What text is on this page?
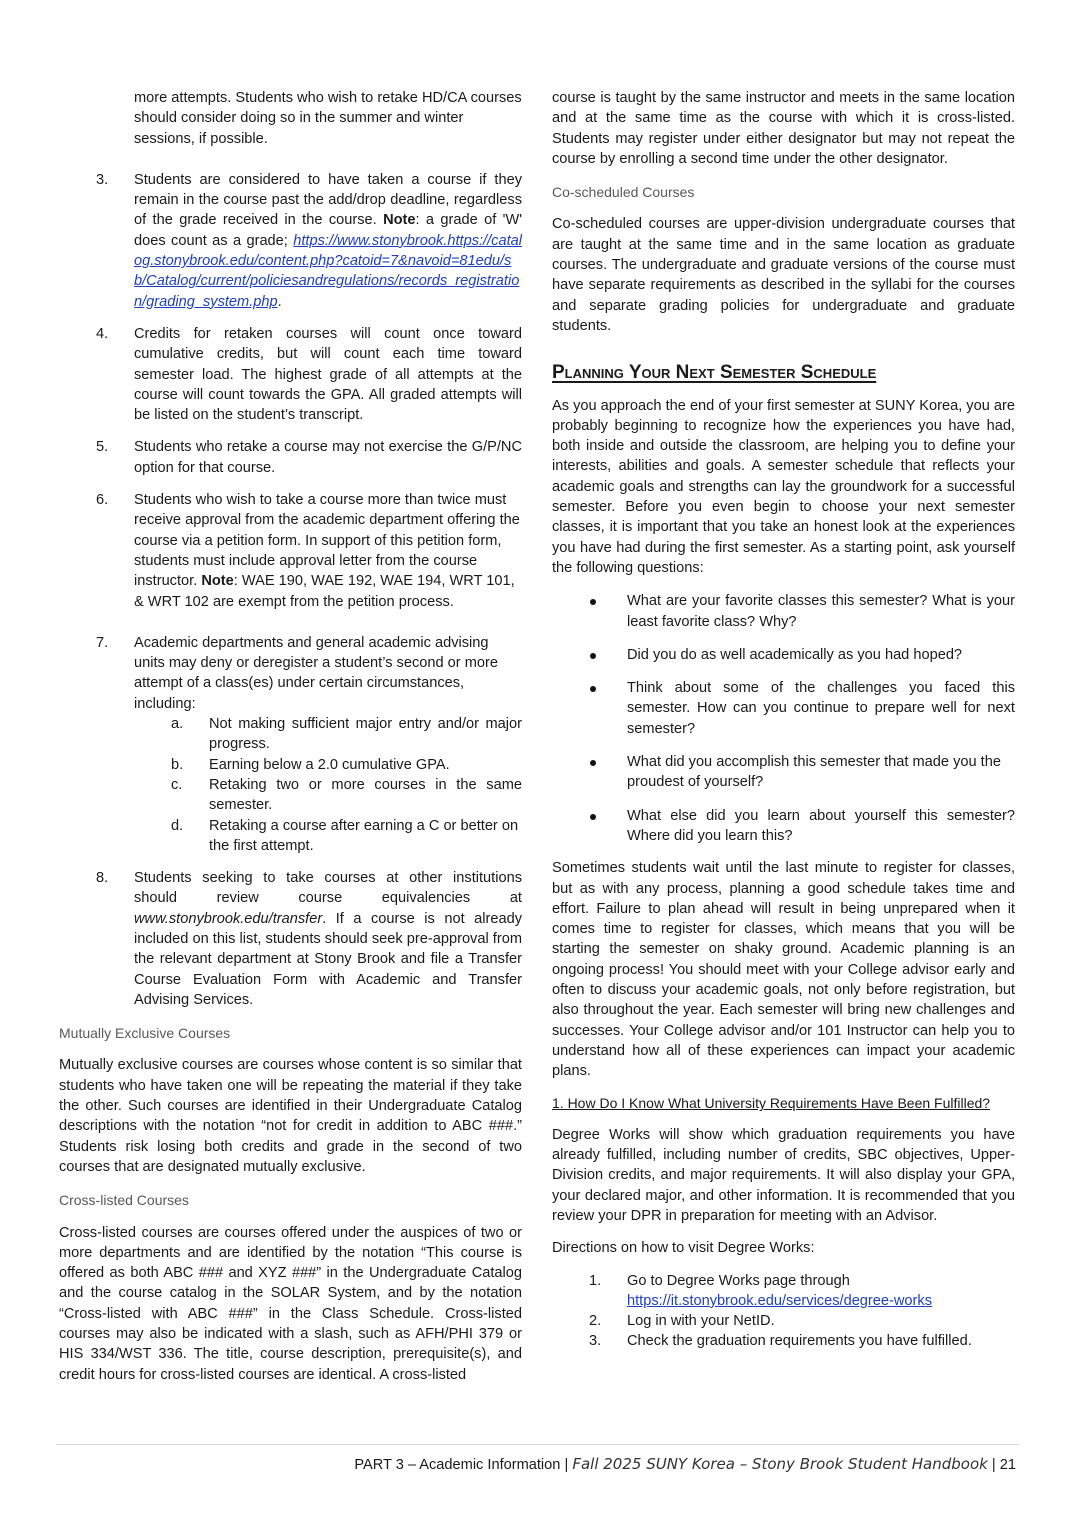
more attempts. Students who wish to retake HD/CA courses should consider doing so in the summer and winter sessions, if possible.

3. Students are considered to have taken a course if they remain in the course past the add/drop deadline, regardless of the grade received in the course. Note: a grade of 'W' does count as a grade; https://www.stonybrook.https://catalog.stonybrook.edu/content.php?catoid=7&navoid=81edu/sb/Catalog/current/policiesandregulations/records_registration/grading_system.php.
4. Credits for retaken courses will count once toward cumulative credits, but will count each time toward semester load. The highest grade of all attempts at the course will count towards the GPA. All graded attempts will be listed on the student’s transcript.
5. Students who retake a course may not exercise the G/P/NC option for that course.
6. Students who wish to take a course more than twice must receive approval from the academic department offering the course via a petition form. In support of this petition form, students must include approval letter from the course instructor. Note: WAE 190, WAE 192, WAE 194, WRT 101, & WRT 102 are exempt from the petition process.
7. Academic departments and general academic advising units may deny or deregister a student’s second or more attempt of a class(es) under certain circumstances, including:
a. Not making sufficient major entry and/or major progress.
b. Earning below a 2.0 cumulative GPA.
c. Retaking two or more courses in the same semester.
d. Retaking a course after earning a C or better on the first attempt.
8. Students seeking to take courses at other institutions should review course equivalencies at www.stonybrook.edu/transfer. If a course is not already included on this list, students should seek pre-approval from the relevant department at Stony Brook and file a Transfer Course Evaluation Form with Academic and Transfer Advising Services.

Mutually Exclusive Courses

Mutually exclusive courses are courses whose content is so similar that students who have taken one will be repeating the material if they take the other. Such courses are identified in their Undergraduate Catalog descriptions with the notation “not for credit in addition to ABC ###.” Students risk losing both credits and grade in the second of two courses that are designated mutually exclusive.

Cross-listed Courses

Cross-listed courses are courses offered under the auspices of two or more departments and are identified by the notation “This course is offered as both ABC ### and XYZ ###” in the Undergraduate Catalog and the course catalog in the SOLAR System, and by the notation “Cross-listed with ABC ###” in the Class Schedule. Cross-listed courses may also be indicated with a slash, such as AFH/PHI 379 or HIS 334/WST 336. The title, course description, prerequisite(s), and credit hours for cross-listed courses are identical. A cross-listed

course is taught by the same instructor and meets in the same location and at the same time as the course with which it is cross-listed. Students may register under either designator but may not repeat the course by enrolling a second time under the other designator.

Co-scheduled Courses

Co-scheduled courses are upper-division undergraduate courses that are taught at the same time and in the same location as graduate courses. The undergraduate and graduate versions of the course must have separate requirements as described in the syllabi for the courses and separate grading policies for undergraduate and graduate students.

Planning Your Next Semester Schedule

As you approach the end of your first semester at SUNY Korea, you are probably beginning to recognize how the experiences you have had, both inside and outside the classroom, are helping you to define your interests, abilities and goals. A semester schedule that reflects your academic goals and strengths can lay the groundwork for a successful semester. Before you even begin to choose your next semester classes, it is important that you take an honest look at the experiences you have had during the first semester. As a starting point, ask yourself the following questions:

What are your favorite classes this semester? What is your least favorite class? Why?
Did you do as well academically as you had hoped?
Think about some of the challenges you faced this semester. How can you continue to prepare well for next semester?
What did you accomplish this semester that made you the proudest of yourself?
What else did you learn about yourself this semester? Where did you learn this?

Sometimes students wait until the last minute to register for classes, but as with any process, planning a good schedule takes time and effort. Failure to plan ahead will result in being unprepared when it comes time to register for classes, which means that you will be starting the semester on shaky ground. Academic planning is an ongoing process! You should meet with your College advisor early and often to discuss your academic goals, not only before registration, but also throughout the year. Each semester will bring new challenges and successes. Your College advisor and/or 101 Instructor can help you to understand how all of these experiences can impact your academic plans.

1. How Do I Know What University Requirements Have Been Fulfilled?

Degree Works will show which graduation requirements you have already fulfilled, including number of credits, SBC objectives, Upper-Division credits, and major requirements. It will also display your GPA, your declared major, and other information. It is recommended that you review your DPR in preparation for meeting with an Advisor.

Directions on how to visit Degree Works:

1. Go to Degree Works page through
https://it.stonybrook.edu/services/degree-works
2. Log in with your NetID.
3. Check the graduation requirements you have fulfilled.
PART 3 – Academic Information | Fall 2025 SUNY Korea – Stony Brook Student Handbook | 21
